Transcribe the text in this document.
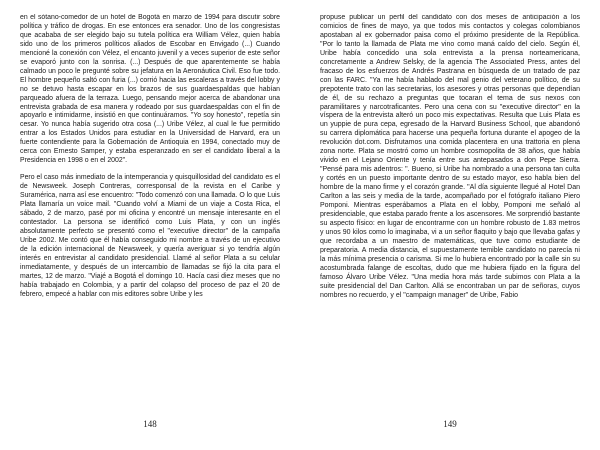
en el sótano-comedor de un hotel de Bogotá en marzo de 1994 para discutir sobre política y tráfico de drogas. En ese entonces era senador. Uno de los congresistas que acababa de ser elegido bajo su tutela política era William Vélez, quien había sido uno de los primeros políticos aliados de Escobar en Envigado (...) Cuando mencioné la conexión con Vélez, el encanto juvenil y a veces superior de este señor se evaporó junto con la sonrisa. (...) Después de que aparentemente se había calmado un poco le pregunté sobre su jefatura en la Aeronáutica Civil. Eso fue todo. El hombre pequeño saltó con furia (...) corrió hacia las escaleras a través del lobby y no se detuvo hasta escapar en los brazos de sus guardaespaldas que habían parqueado afuera de la terraza. Luego, pensando mejor acerca de abandonar una entrevista grabada de esa manera y rodeado por sus guardaespaldas con el fin de apoyarlo e intimidarme, insistió en que continuáramos. "Yo soy honesto", repetía sin cesar. Yo nunca había sugerido otra cosa (...) Uribe Vélez, al cual le fue permitido entrar a los Estados Unidos para estudiar en la Universidad de Harvard, era un fuerte contendiente para la Gobernación de Antioquia en 1994, conectado muy de cerca con Ernesto Samper, y estaba esperanzado en ser el candidato liberal a la Presidencia en 1998 o en el 2002".

Pero el caso más inmediato de la intemperancia y quisquillosidad del candidato es el de Newsweek. Joseph Contreras, corresponsal de la revista en el Caribe y Suramérica, narra así ese encuentro: "Todo comenzó con una llamada. O lo que Luis Plata llamaría un voice mail. "Cuando volví a Miami de un viaje a Costa Rica, el sábado, 2 de marzo, pasé por mi oficina y encontré un mensaje interesante en el contestador. La persona se identificó como Luis Plata, y con un inglés absolutamente perfecto se presentó como el "executive director" de la campaña Uribe 2002. Me contó que él había conseguido mi nombre a través de un ejecutivo de la edición internacional de Newsweek, y quería averiguar si yo tendría algún interés en entrevistar al candidato presidencial. Llamé al señor Plata a su celular inmediatamente, y después de un intercambio de llamadas se fijó la cita para el martes, 12 de marzo. "Viajé a Bogotá el domingo 10. Hacía casi diez meses que no había trabajado en Colombia, y a partir del colapso del proceso de paz el 20 de febrero, empecé a hablar con mis editores sobre Uribe y les

148

propuse publicar un perfil del candidato con dos meses de anticipación a los comicios de fines de mayo, ya que todos mis contactos y colegas colombianos apostaban al ex gobernador paisa como el próximo presidente de la República. "Por lo tanto la llamada de Plata me vino como maná caído del cielo. Según él, Uribe había concedido una sola entrevista a la prensa norteamericana, concretamente a Andrew Selsky, de la agencia The Associated Press, antes del fracaso de los esfuerzos de Andrés Pastrana en búsqueda de un tratado de paz con las FARC. "Ya me había hablado del mal genio del veterano político, de su prepotente trato con las secretarias, los asesores y otras personas que dependían de él, de su rechazo a preguntas que tocaran el tema de sus nexos con paramilitares y narcotraficantes. Pero una cena con su "executive director" en la víspera de la entrevista alteró un poco mis expectativas. Resulta que Luis Plata es un yuppie de pura cepa, egresado de la Harvard Business School, que abandonó su carrera diplomática para hacerse una pequeña fortuna durante el apogeo de la revolución dot.com. Disfrutamos una comida placentera en una trattoria en plena zona norte. Plata se mostró como un hombre cosmopolita de 38 años, que había vivido en el Lejano Oriente y tenía entre sus antepasados a don Pepe Sierra. "Pensé para mis adentros: ". Bueno, si Uribe ha nombrado a una persona tan culta y cortés en un puesto importante dentro de su estado mayor, eso habla bien del hombre de la mano firme y el corazón grande. "Al día siguiente llegué al Hotel Dan Carlton a las seis y media de la tarde, acompañado por el fotógrafo italiano Piero Pomponi. Mientras esperábamos a Plata en el lobby, Pomponi me señaló al presidenciable, que estaba parado frente a los ascensores. Me sorprendió bastante su aspecto físico: en lugar de encontrarme con un hombre robusto de 1.83 metros y unos 90 kilos como lo imaginaba, vi a un señor flaquito y bajo que llevaba gafas y que recordaba a un maestro de matemáticas, que tuve como estudiante de preparatoria. A media distancia, el supuestamente temible candidato no parecía ni la más mínima presencia o carisma. Si me lo hubiera encontrado por la calle sin su acostumbrada falange de escoltas, dudo que me hubiera fijado en la figura del famoso Álvaro Uribe Vélez. "Una media hora más tarde subimos con Plata a la suite presidencial del Dan Carlton. Allá se encontraban un par de señoras, cuyos nombres no recuerdo, y el "campaign manager" de Uribe, Fabio

149
